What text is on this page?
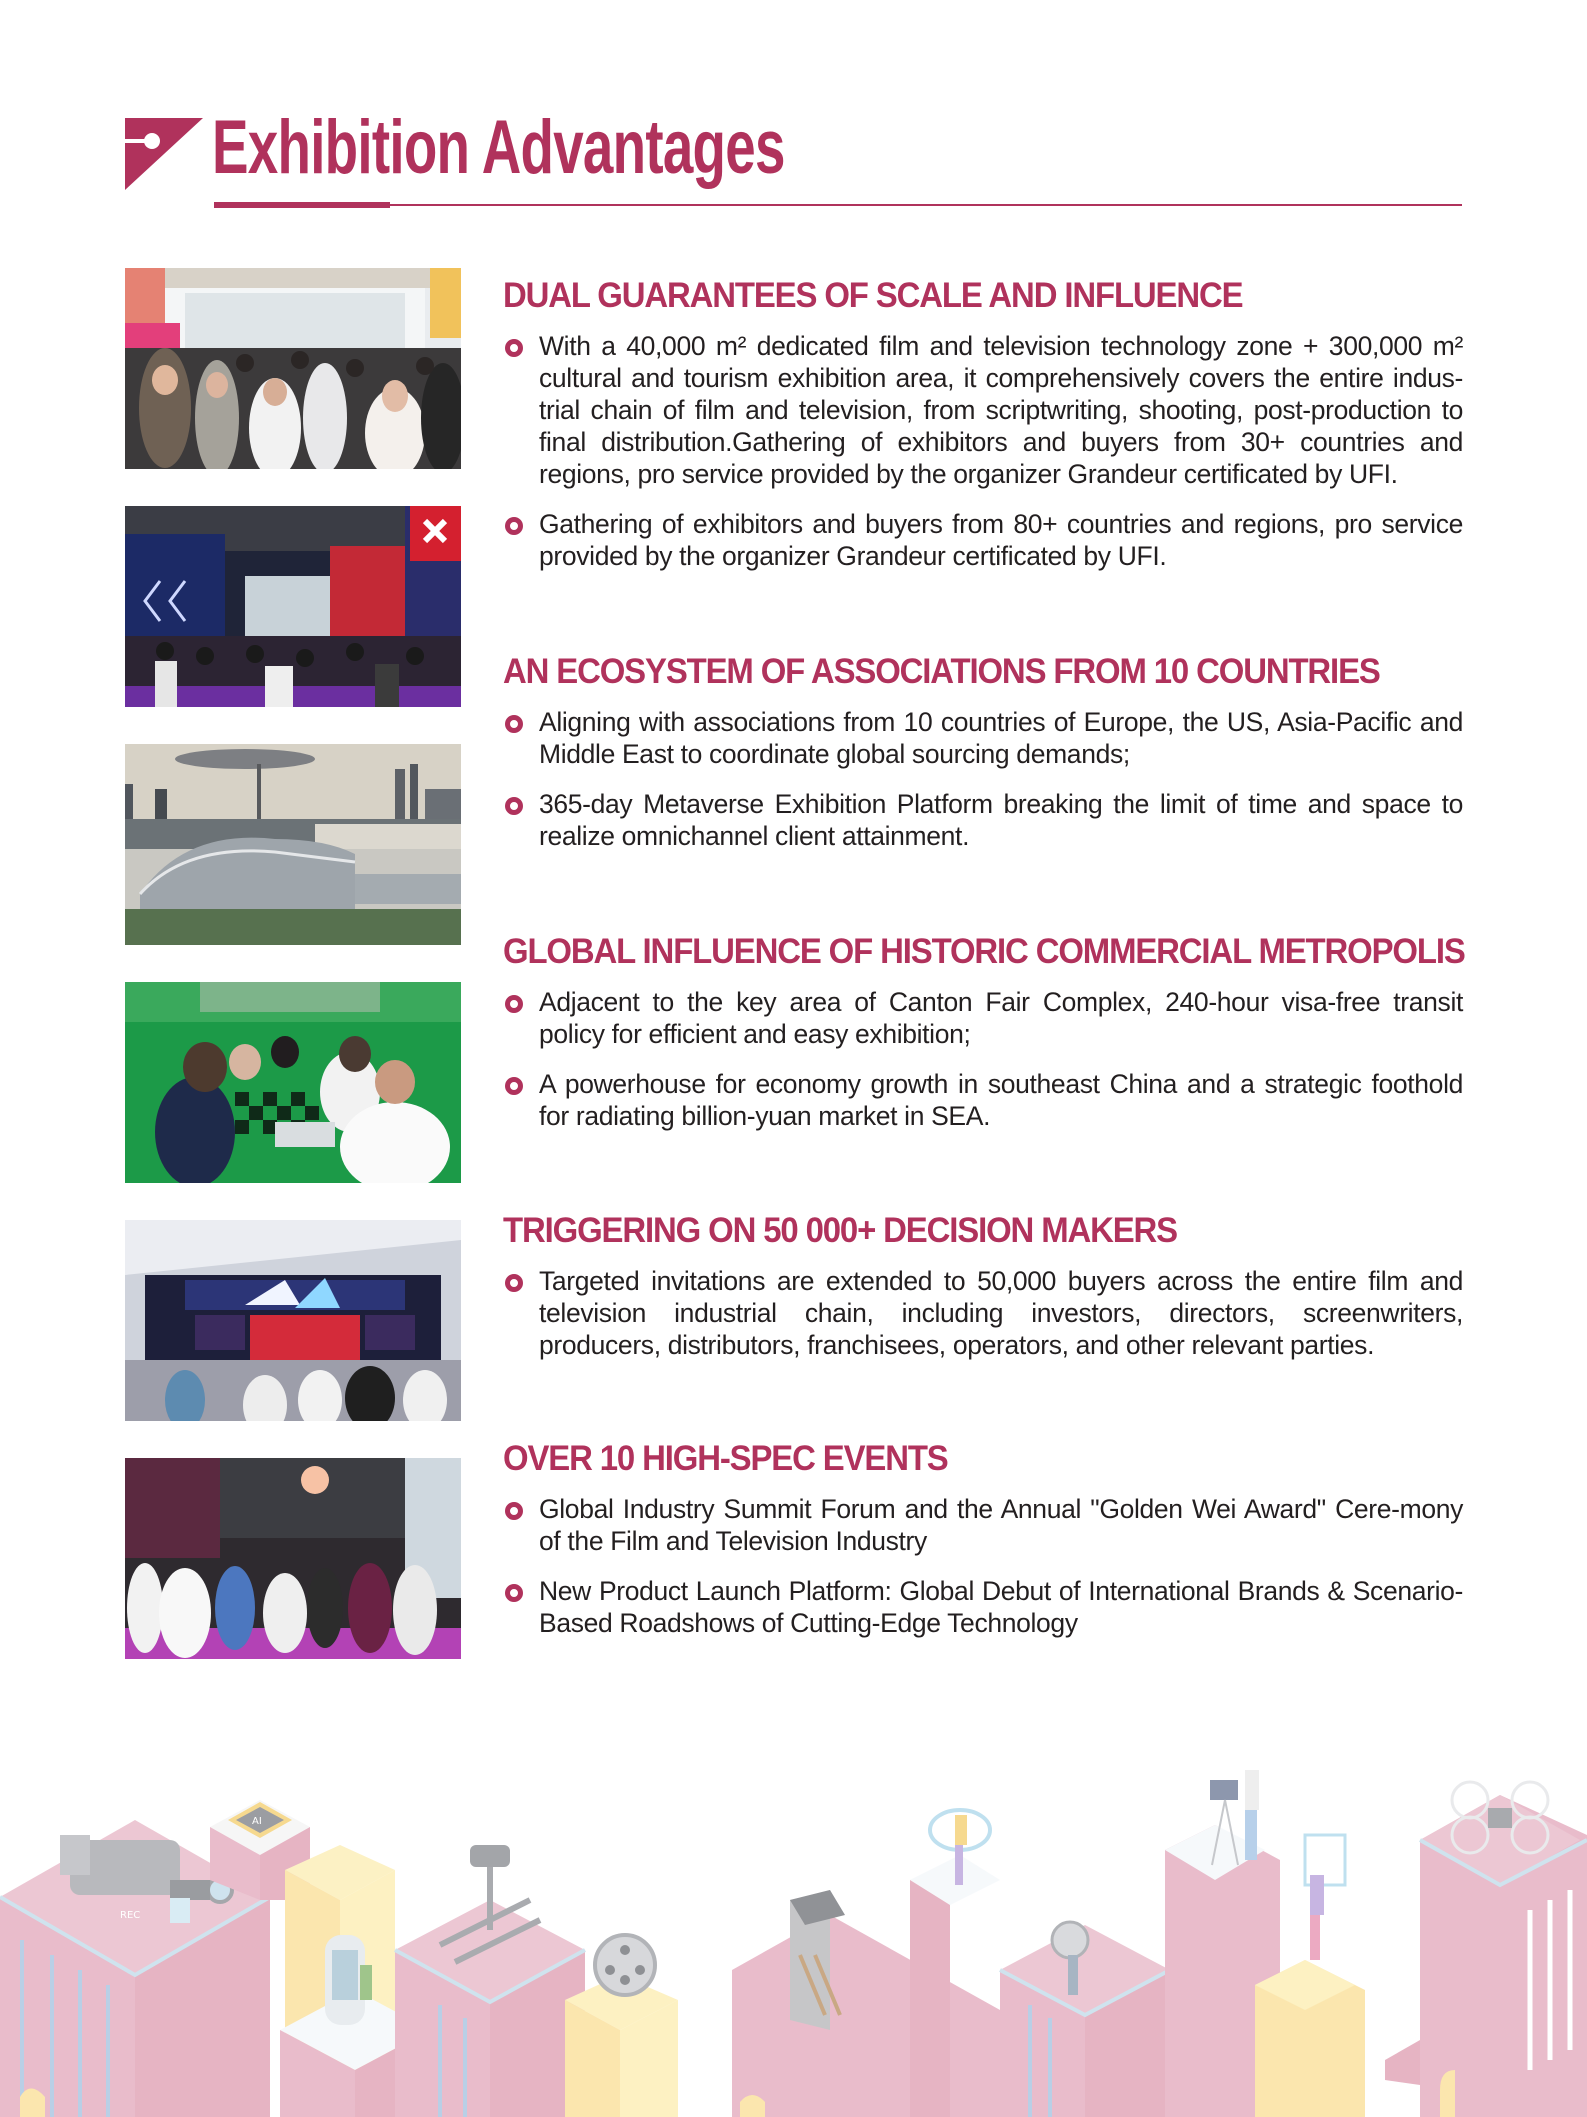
Exhibition Advantages
DUAL GUARANTEES OF SCALE AND INFLUENCE
With a 40,000 m² dedicated film and television technology zone + 300,000 m² cultural and tourism exhibition area, it comprehensively covers the entire indus-trial chain of film and television, from scriptwriting, shooting, post-production to final distribution.Gathering of exhibitors and buyers from 30+ countries and regions, pro service provided by the organizer Grandeur certificated by UFI.
Gathering of exhibitors and buyers from 80+ countries and regions, pro service provided by the organizer Grandeur certificated by UFI.
AN ECOSYSTEM OF ASSOCIATIONS FROM 10 COUNTRIES
Aligning with associations from 10 countries of Europe, the US, Asia-Pacific and Middle East to coordinate global sourcing demands;
365-day Metaverse Exhibition Platform breaking the limit of time and space to realize omnichannel client attainment.
GLOBAL INFLUENCE OF HISTORIC COMMERCIAL METROPOLIS
Adjacent to the key area of Canton Fair Complex, 240-hour visa-free transit policy for efficient and easy exhibition;
A powerhouse for economy growth in southeast China and a strategic foothold for radiating billion-yuan market in SEA.
TRIGGERING ON 50 000+ DECISION MAKERS
Targeted invitations are extended to 50,000 buyers across the entire film and television industrial chain, including investors, directors, screenwriters, producers, distributors, franchisees, operators, and other relevant parties.
OVER 10 HIGH-SPEC EVENTS
Global Industry Summit Forum and the Annual "Golden Wei Award" Cere-mony of the Film and Television Industry
New Product Launch Platform: Global Debut of International Brands & Scenario-Based Roadshows of Cutting-Edge Technology
REC
AI
